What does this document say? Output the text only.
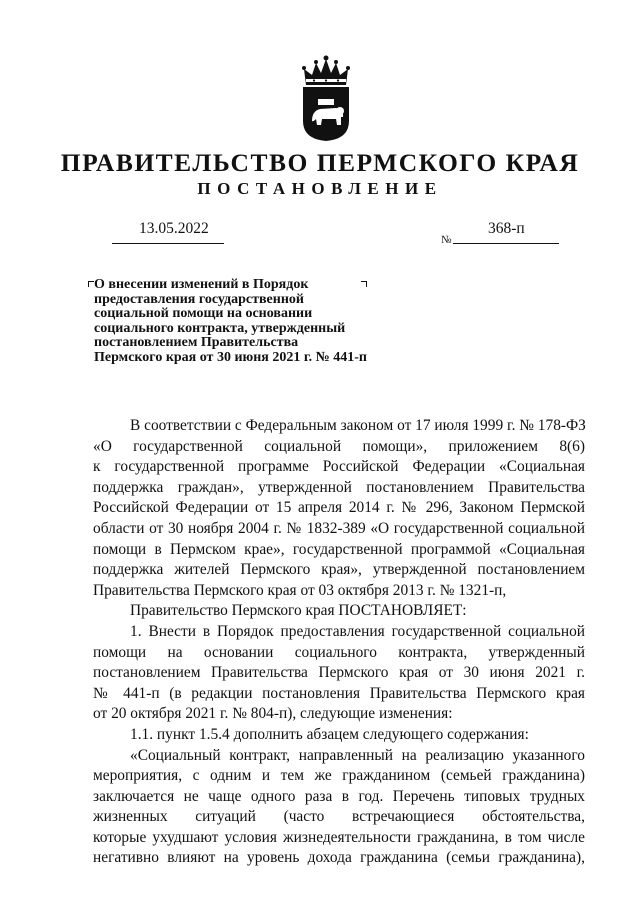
ПРАВИТЕЛЬСТВО ПЕРМСКОГО КРАЯ
ПОСТАНОВЛЕНИЕ
13.05.2022
№
368-п
О внесении изменений в Порядок
предоставления государственной
социальной помощи на основании
социального контракта, утвержденный
постановлением Правительства
Пермского края от 30 июня 2021 г. № 441-п
В соответствии с Федеральным законом от 17 июля 1999 г. № 178-ФЗ
«О государственной социальной помощи», приложением 8(6)
к государственной программе Российской Федерации «Социальная
поддержка граждан», утвержденной постановлением Правительства
Российской Федерации от 15 апреля 2014 г. № 296, Законом Пермской
области от 30 ноября 2004 г. № 1832-389 «О государственной социальной
помощи в Пермском крае», государственной программой «Социальная
поддержка жителей Пермского края», утвержденной постановлением
Правительства Пермского края от 03 октября 2013 г. № 1321-п,
Правительство Пермского края ПОСТАНОВЛЯЕТ:
1. Внести в Порядок предоставления государственной социальной
помощи на основании социального контракта, утвержденный
постановлением Правительства Пермского края от 30 июня 2021 г.
№ 441-п (в редакции постановления Правительства Пермского края
от 20 октября 2021 г. № 804-п), следующие изменения:
1.1. пункт 1.5.4 дополнить абзацем следующего содержания:
«Социальный контракт, направленный на реализацию указанного
мероприятия, с одним и тем же гражданином (семьей гражданина)
заключается не чаще одного раза в год. Перечень типовых трудных
жизненных ситуаций (часто встречающиеся обстоятельства,
которые ухудшают условия жизнедеятельности гражданина, в том числе
негативно влияют на уровень дохода гражданина (семьи гражданина),
